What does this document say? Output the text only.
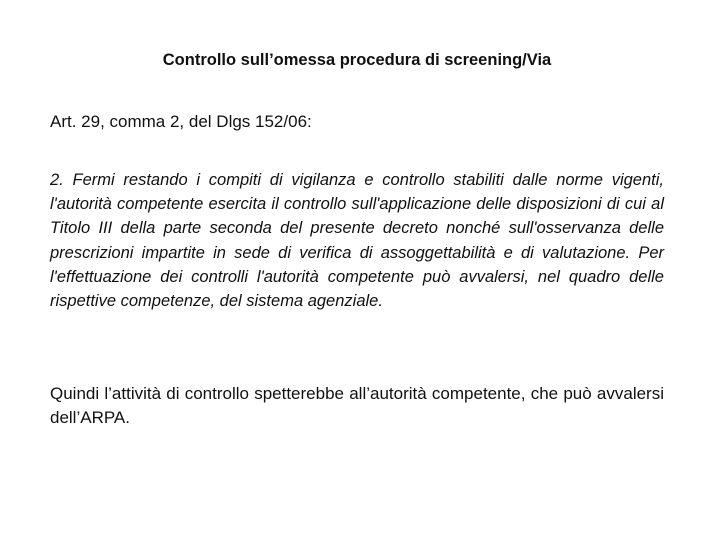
Controllo sull’omessa procedura di screening/Via

Art. 29, comma 2, del Dlgs 152/06:

2. Fermi restando i compiti di vigilanza e controllo stabiliti dalle norme vigenti, l'autorità competente esercita il controllo sull'applicazione delle disposizioni di cui al Titolo III della parte seconda del presente decreto nonché sull'osservanza delle prescrizioni impartite in sede di verifica di assoggettabilità e di valutazione. Per l'effettuazione dei controlli l'autorità competente può avvalersi, nel quadro delle rispettive competenze, del sistema agenziale.

Quindi l’attività di controllo spetterebbe all’autorità competente, che può avvalersi dell’ARPA.
